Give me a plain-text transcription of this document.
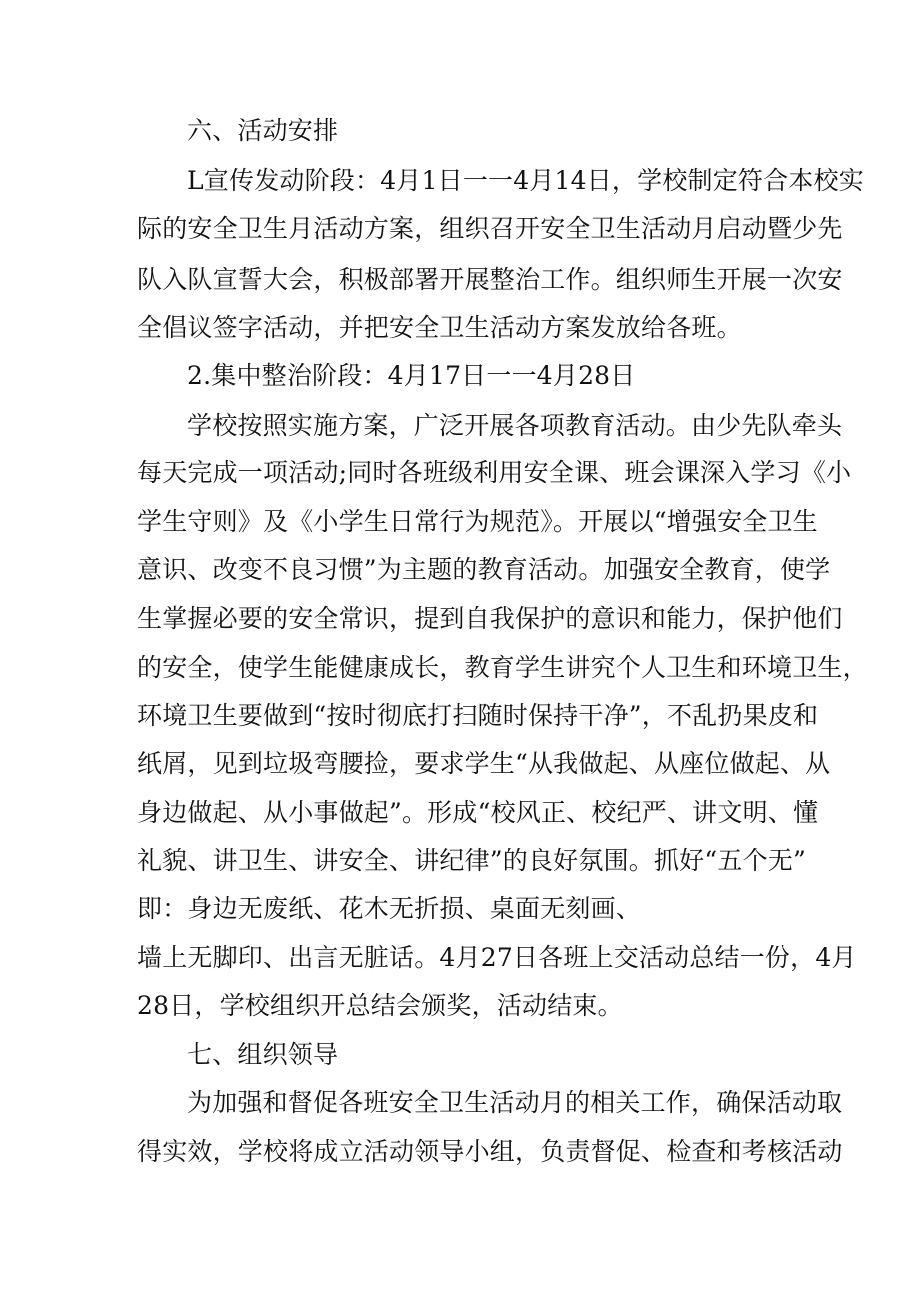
六、活动安排
L宣传发动阶段：4月1日一一4月14日，学校制定符合本校实
际的安全卫生月活动方案，组织召开安全卫生活动月启动暨少先
队入队宣誓大会，积极部署开展整治工作。组织师生开展一次安
全倡议签字活动，并把安全卫生活动方案发放给各班。
2.集中整治阶段：4月17日一一4月28日
学校按照实施方案，广泛开展各项教育活动。由少先队牵头
每天完成一项活动;同时各班级利用安全课、班会课深入学习《小
学生守则》及《小学生日常行为规范》。开展以“增强安全卫生
意识、改变不良习惯”为主题的教育活动。加强安全教育，使学
生掌握必要的安全常识，提到自我保护的意识和能力，保护他们
的安全，使学生能健康成长，教育学生讲究个人卫生和环境卫生，
环境卫生要做到“按时彻底打扫随时保持干净”，不乱扔果皮和
纸屑，见到垃圾弯腰捡，要求学生“从我做起、从座位做起、从
身边做起、从小事做起”。形成“校风正、校纪严、讲文明、懂
礼貌、讲卫生、讲安全、讲纪律”的良好氛围。抓好“五个无”
即：身边无废纸、花木无折损、桌面无刻画、
墙上无脚印、出言无脏话。4月27日各班上交活动总结一份，4月
28日，学校组织开总结会颁奖，活动结束。
七、组织领导
为加强和督促各班安全卫生活动月的相关工作，确保活动取
得实效，学校将成立活动领导小组，负责督促、检查和考核活动
